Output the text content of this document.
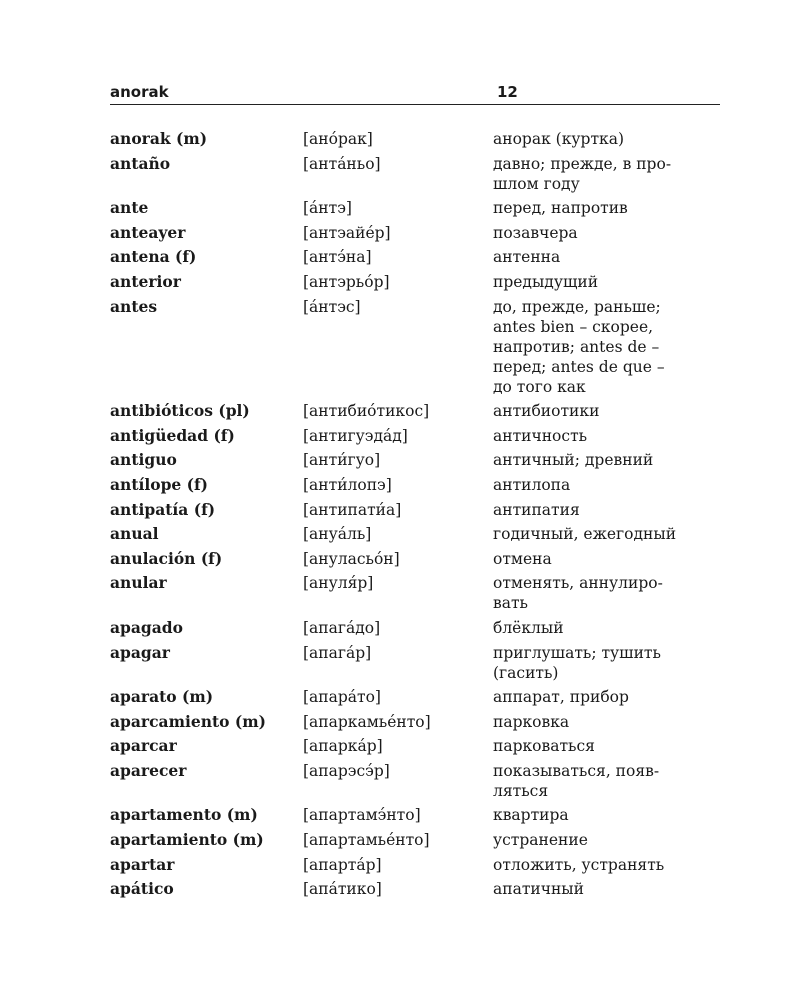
anorak	12
anorak (m)	[ано́рак]	анорак (куртка)
antaño	[анта́ньо]	давно; прежде, в про-
шлом году
ante	[а́нтэ]	перед, напротив
anteayer	[антэайе́р]	позавчера
antena (f)	[антэ́на]	антенна
anterior	[антэрьо́р]	предыдущий
antes	[а́нтэс]	до, прежде, раньше;
antes bien – скорее,
напротив; antes de –
перед; antes de que –
до того как
antibióticos (pl)	[антибио́тикос]	антибиотики
antigüedad (f)	[антигуэда́д]	античность
antiguo	[анти́гуо]	античный; древний
antílope (f)	[анти́лопэ]	антилопа
antipatía (f)	[антипати́а]	антипатия
anual	[ануа́ль]	годичный, ежегодный
anulación (f)	[ануласьо́н]	отмена
anular	[ануля́р]	отменять, аннулиро-
вать
apagado	[апага́до]	блёклый
apagar	[апага́р]	приглушать; тушить
(гасить)
aparato (m)	[апара́то]	аппарат, прибор
aparcamiento (m)	[апаркамье́нто]	парковка
aparcar	[апарка́р]	парковаться
aparecer	[апарэсэ́р]	показываться, появ-
ляться
apartamento (m)	[апартамэ́нто]	квартира
apartamiento (m)	[апартамье́нто]	устранение
apartar	[апарта́р]	отложить, устранять
apático	[апа́тико]	апатичный
